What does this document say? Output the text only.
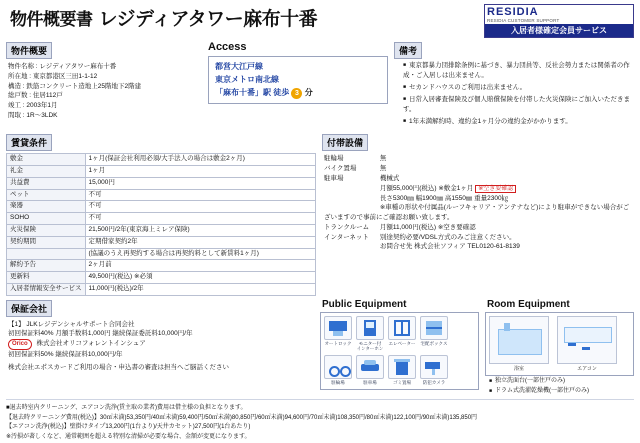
物件概要書 レジディアタワー麻布十番	RESIDIA
RESIDIA CUSTOMER SUPPORT
入居者様確定会員サービス
物件概要
物件名称 : レジディアタワー麻布十番
所在地 : 東京都港区三田1-1-12
構造 : 鉄筋コンクリート造地上25階地下2階建
総戸数 : 住居112戸
竣工 : 2003年1月
間取 : 1R～3LDK
Access
都営大江戸線
東京メトロ南北線
「麻布十番」駅 徒歩 3 分
備考
■ 東京都暴力団排除条例に基づき、暴力団員等、反社会勢力または関係者の作成・ご入居しは出来ません。
■ セカンドハウスのご利用は出来ません。
■ 日常入居審査保険及び個人賠償保険を付帯した火災保険にご加入いただきます。
■ 1年未満解約時、違約金1ヶ月分の違約金がかかります。
賃貸条件
敷金	1ヶ月(保証会社利用必須/大手法人の場合は敷金2ヶ月)
礼金	1ヶ月
共益費	15,000円
ペット	不可
楽器	不可
SOHO	不可
火災保険	21,500円/2年(東京海上ミレア保険)
契約期間	定期借家契約2年
	(協議のうえ再契約する場合は再契約料として新賃料1ヶ月)
解約予告	2ヶ月前
更新料	49,500円(税込) ※必須
入居者情報安全サービス	11,000円(税込)/2年
付帯設備
駐輪場	無
バイク置場	無
駐車場	機械式
月額55,000円(税込) ※敷金1ヶ月 ※空き要確認
長さ5300㎜ 幅1900㎜ 高1550㎜ 重量2300㎏
※車種の形状や付属品(ルーフキャリア・アンテナなど)により駐車ができない場合がございますので事前にご確認お願い致します。
トランクルーム 月額11,000円(税込) ※空き要確認
インターネット 別途契約必要/VDSL方式のみご注意ください。
お問合せ先 株式会社ソフィア TEL0120-61-8139
保証会社
【1】 JLKレジデンシャルサポート合同会社
初回保証料40% 月額手数料1,000円 継続保証委託料10,000円/年
Orico 株式会社オリコフォレントインシュア
初回保証料50% 継続保証料10,000円/年
株式会社エポスカードご利用の場合・申込書の審査は担当へご脳話ください
Public Equipment
オートロック	モニター付 インターホン
エレベーター 宅配ボックス
駐輪場	駐車場	ゴミ置場	防犯カメラ
Room Equipment
浴室	エアコン
■ 独立洗面台(一部住戸のみ)
■ ドラム式洗濯乾燥機(一部住戸のみ)
■退去時室内クリーニング、エアコン洗浄(賃主取の業者)費用は借主様の負担となります。
【退去時クリーニング費用(税込)】30㎡未満)53,350円/40㎡未満)59,400円/50㎡未満)80,850円/60㎡未満)94,600円/70㎡未満)108,350円/80㎡未満)122,100円/90㎡未満)135,850円
【エアコン洗浄(税込)】壁掛けタイプ13,200円(1台より)/天井カセット)27,500円(1台あたり)
※汚損が著しくなど、通常範囲を超える特別な清掃が必要な場合、金額が変更になります。
